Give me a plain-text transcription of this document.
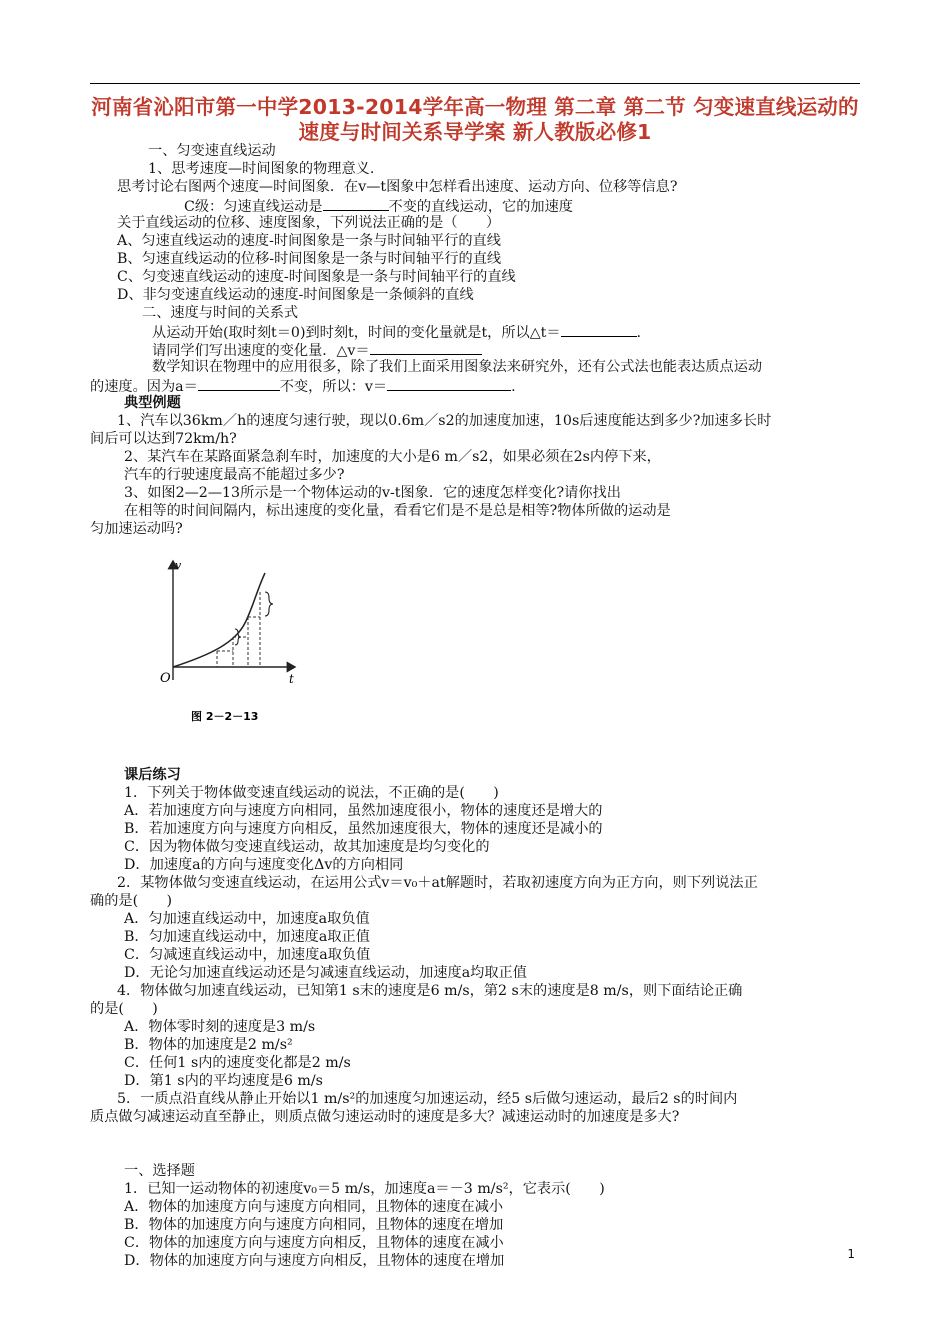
河南省沁阳市第一中学2013-2014学年高一物理 第二章 第二节 匀变速直线运动的速度与时间关系导学案 新人教版必修1
一、匀变速直线运动
1、思考速度—时间图象的物理意义.
思考讨论右图两个速度—时间图象．在v—t图象中怎样看出速度、运动方向、位移等信息?
C级：匀速直线运动是	不变的直线运动，它的加速度
关于直线运动的位移、速度图象，下列说法正确的是（　　）
A、匀速直线运动的速度-时间图象是一条与时间轴平行的直线
B、匀速直线运动的位移-时间图象是一条与时间轴平行的直线
C、匀变速直线运动的速度-时间图象是一条与时间轴平行的直线
D、非匀变速直线运动的速度-时间图象是一条倾斜的直线
二、速度与时间的关系式
从运动开始(取时刻t＝0)到时刻t，时间的变化量就是t，所以△t＝	.
请同学们写出速度的变化量．△v＝
数学知识在物理中的应用很多，除了我们上面采用图象法来研究外，还有公式法也能表达质点运动
的速度。因为a＝	不变，所以：v＝	.
典型例题
1、汽车以36km／h的速度匀速行驶，现以0.6m／s2的加速度加速，10s后速度能达到多少?加速多长时
间后可以达到72km/h?
2、某汽车在某路面紧急刹车时，加速度的大小是6 m／s2，如果必须在2s内停下来，
汽车的行驶速度最高不能超过多少?
3、如图2—2—13所示是一个物体运动的v-t图象．它的速度怎样变化?请你找出
在相等的时间间隔内，标出速度的变化量，看看它们是不是总是相等?物体所做的运动是
匀加速运动吗?
v
t
O
图 2－2－13
课后练习
1．下列关于物体做变速直线运动的说法，不正确的是(　　)
A．若加速度方向与速度方向相同，虽然加速度很小，物体的速度还是增大的
B．若加速度方向与速度方向相反，虽然加速度很大，物体的速度还是减小的
C．因为物体做匀变速直线运动，故其加速度是均匀变化的
D．加速度a的方向与速度变化Δv的方向相同
2．某物体做匀变速直线运动，在运用公式v＝v₀＋at解题时，若取初速度方向为正方向，则下列说法正
确的是(　　)
A．匀加速直线运动中，加速度a取负值
B．匀加速直线运动中，加速度a取正值
C．匀减速直线运动中，加速度a取负值
D．无论匀加速直线运动还是匀减速直线运动，加速度a均取正值
4．物体做匀加速直线运动，已知第1 s末的速度是6 m/s，第2 s末的速度是8 m/s，则下面结论正确
的是(　　)
A．物体零时刻的速度是3 m/s
B．物体的加速度是2 m/s²
C．任何1 s内的速度变化都是2 m/s
D．第1 s内的平均速度是6 m/s
5．一质点沿直线从静止开始以1 m/s²的加速度匀加速运动，经5 s后做匀速运动，最后2 s的时间内
质点做匀减速运动直至静止，则质点做匀速运动时的速度是多大？减速运动时的加速度是多大?
一、选择题
1．已知一运动物体的初速度v₀＝5 m/s，加速度a＝－3 m/s²，它表示(　　)
A．物体的加速度方向与速度方向相同，且物体的速度在减小
B．物体的加速度方向与速度方向相同，且物体的速度在增加
C．物体的加速度方向与速度方向相反，且物体的速度在减小
D．物体的加速度方向与速度方向相反，且物体的速度在增加	1
